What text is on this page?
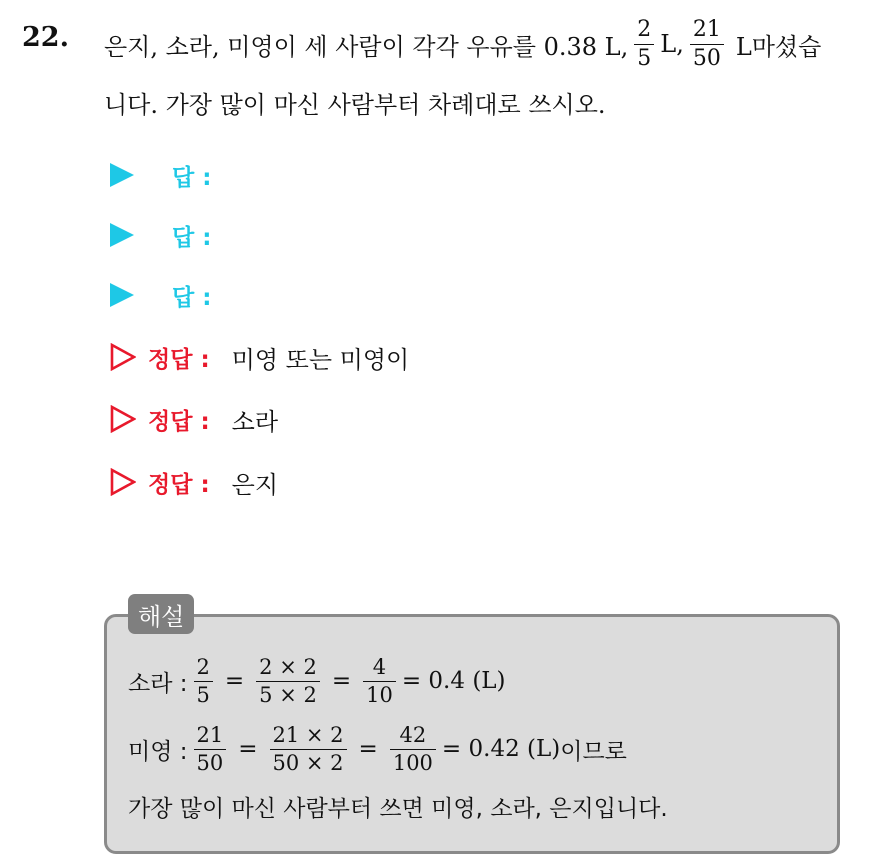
22. 은지, 소라, 미영이 세 사람이 각각 우유를 0.38 L, $\frac{2}{5} L$, $\frac{21}{50}$ L마셨습
니다. 가장 많이 마신 사람부터 차례대로 쓰시오.
답 :
답 :
답 :
정답 : 미영 또는 미영이
정답 : 소라
정답 : 은지
해설
소라 : $\frac{2}{5} = \frac{2 \times 2}{5 \times 2} = \frac{4}{10} = 0.4$ (L)
미영 : $\frac{21}{50} = \frac{21 \times 2}{50 \times 2} = \frac{42}{100} = 0.42$ (L) 이므로
가장 많이 마신 사람부터 쓰면 미영, 소라, 은지입니다.
